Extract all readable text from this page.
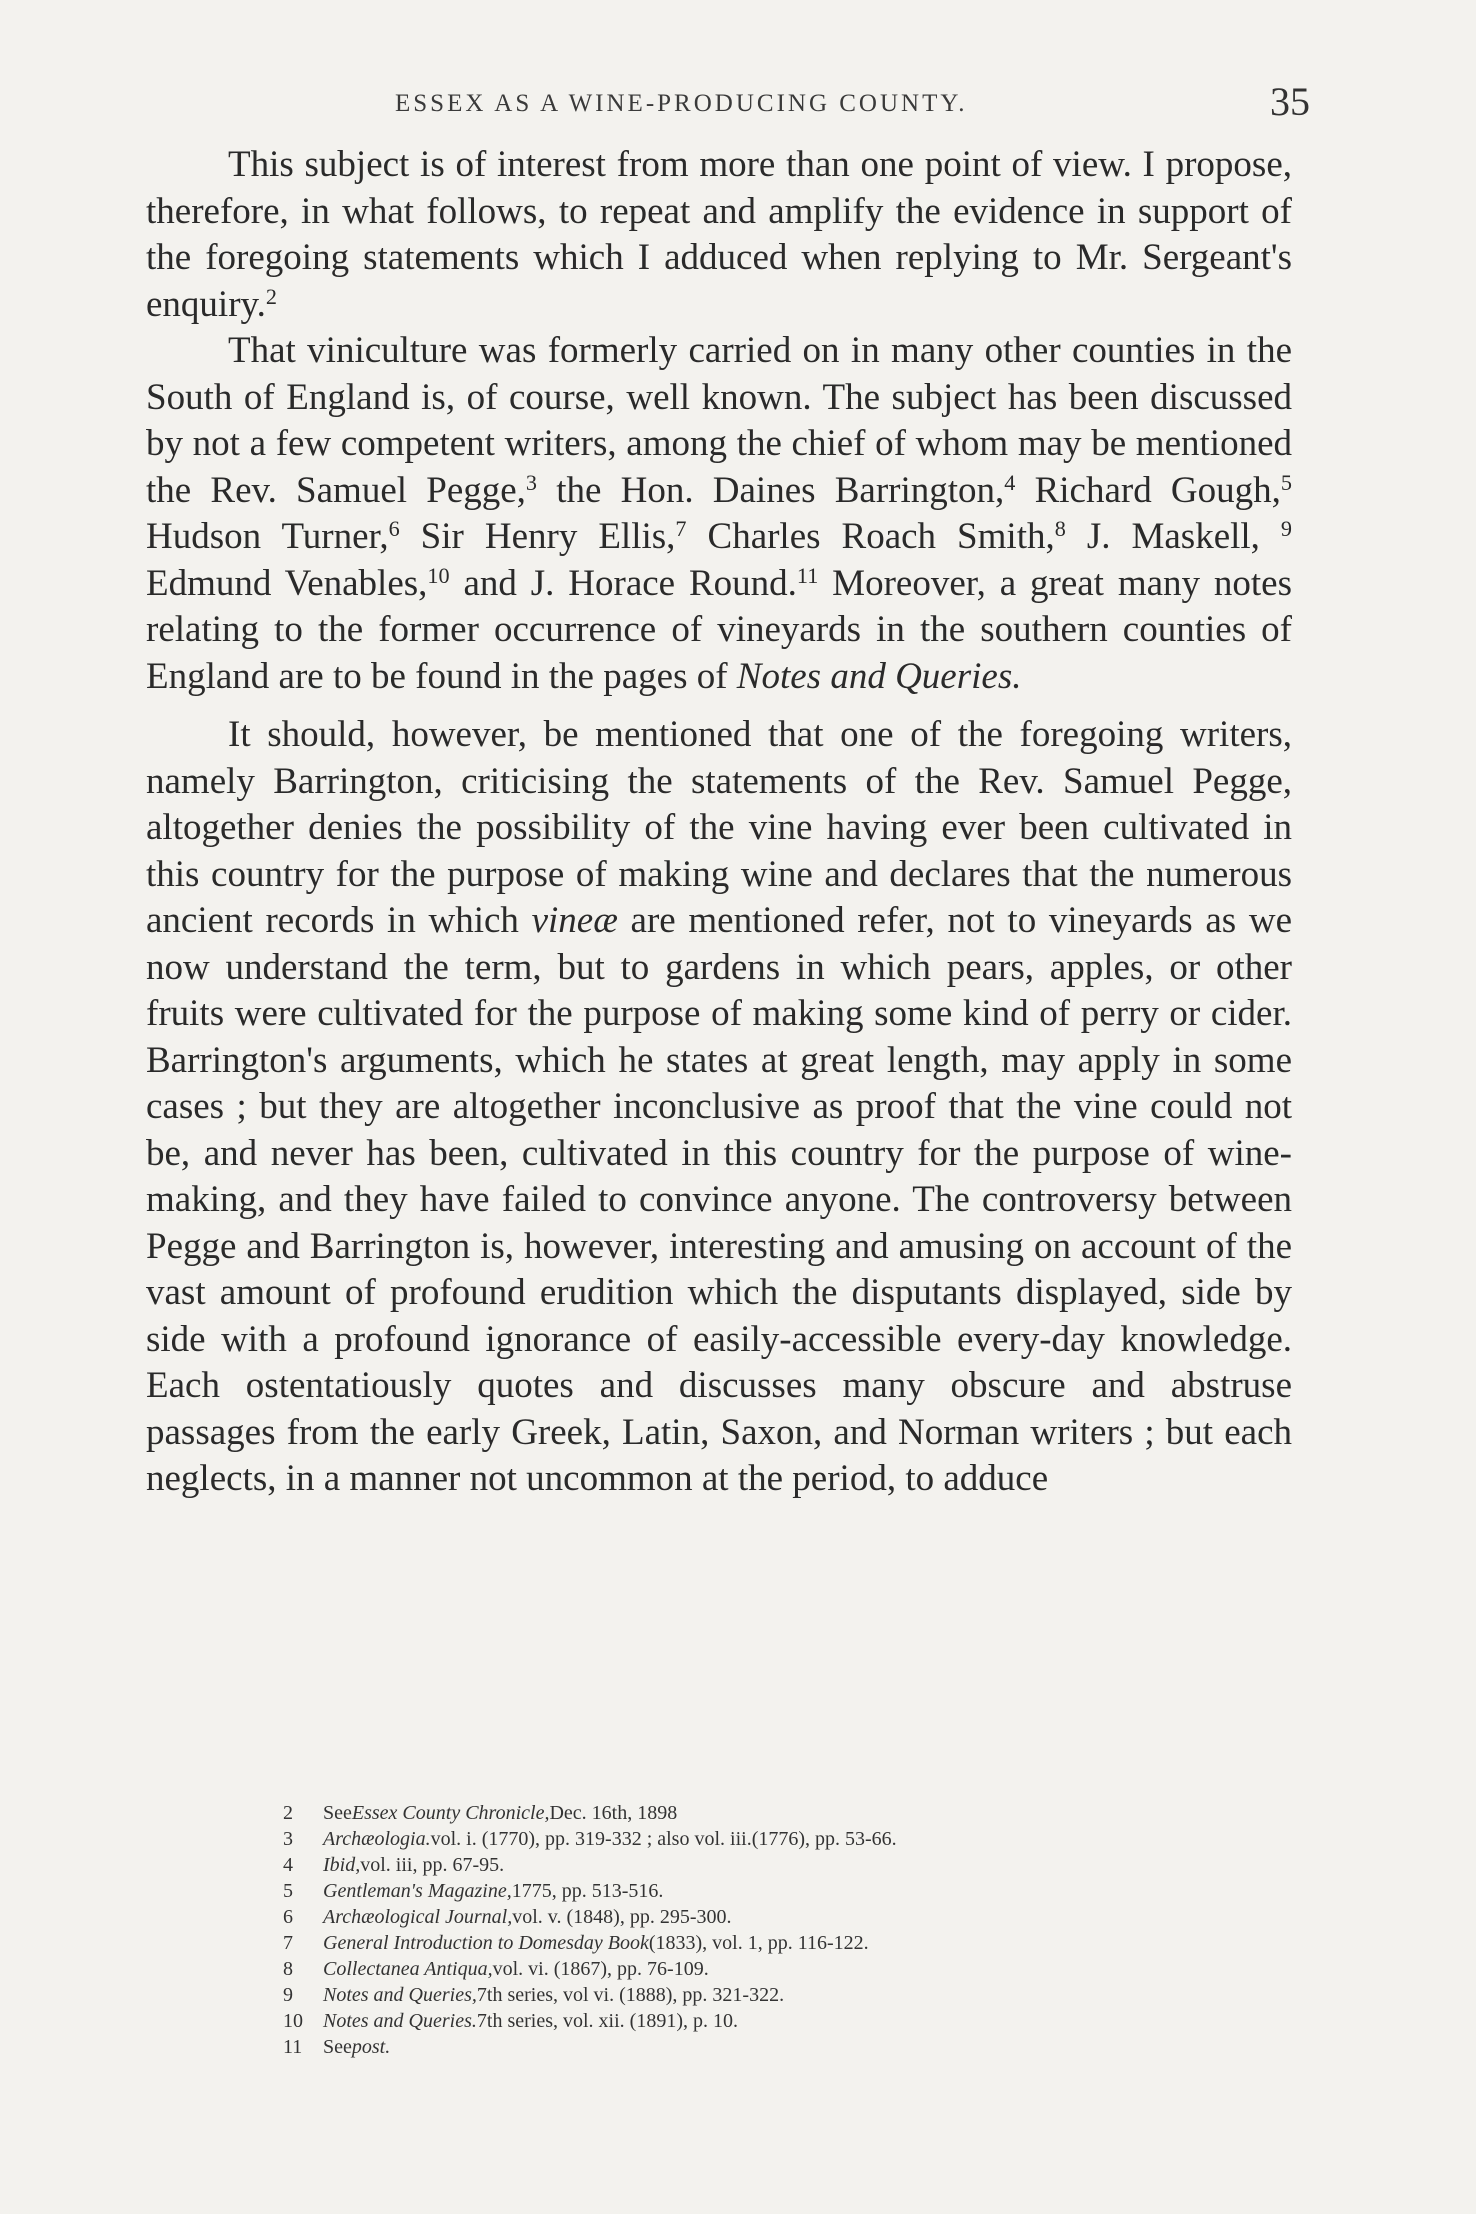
ESSEX AS A WINE-PRODUCING COUNTY.	35

This subject is of interest from more than one point of view. I propose, therefore, in what follows, to repeat and amplify the evidence in support of the foregoing statements which I adduced when replying to Mr. Sergeant's enquiry.$^2$

That viniculture was formerly carried on in many other counties in the South of England is, of course, well known. The subject has been discussed by not a few competent writers, among the chief of whom may be mentioned the Rev. Samuel Pegge,$^3$ the Hon. Daines Barrington,$^4$ Richard Gough,$^5$ Hudson Turner,$^6$ Sir Henry Ellis,$^7$ Charles Roach Smith,$^8$ J. Maskell, $^9$ Edmund Venables,$^{10}$ and J. Horace Round.$^{11}$ Moreover, a great many notes relating to the former occurrence of vineyards in the southern counties of England are to be found in the pages of Notes and Queries.

It should, however, be mentioned that one of the foregoing writers, namely Barrington, criticising the statements of the Rev. Samuel Pegge, altogether denies the possibility of the vine having ever been cultivated in this country for the purpose of making wine and declares that the numerous ancient records in which vineæ are mentioned refer, not to vineyards as we now understand the term, but to gardens in which pears, apples, or other fruits were cultivated for the purpose of making some kind of perry or cider. Barrington's arguments, which he states at great length, may apply in some cases ; but they are altogether inconclusive as proof that the vine could not be, and never has been, cultivated in this country for the purpose of wine-making, and they have failed to convince anyone. The controversy between Pegge and Barrington is, however, interesting and amusing on account of the vast amount of profound erudition which the disputants displayed, side by side with a profound ignorance of easily-accessible every-day knowledge. Each ostentatiously quotes and discusses many obscure and abstruse passages from the early Greek, Latin, Saxon, and Norman writers ; but each neglects, in a manner not uncommon at the period, to adduce

2	See Essex County Chronicle, Dec. 16th, 1898
3	Archæologia. vol. i. (1770), pp. 319-332 ; also vol. iii.(1776), pp. 53-66.
4	Ibid, vol. iii, pp. 67-95.
5	Gentleman's Magazine, 1775, pp. 513-516.
6	Archæological Journal, vol. v. (1848), pp. 295-300.
7	General Introduction to Domesday Book (1833), vol. 1, pp. 116-122.
8	Collectanea Antiqua, vol. vi. (1867), pp. 76-109.
9	Notes and Queries, 7th series, vol vi. (1888), pp. 321-322.
10	Notes and Queries. 7th series, vol. xii. (1891), p. 10.
11	See post.
